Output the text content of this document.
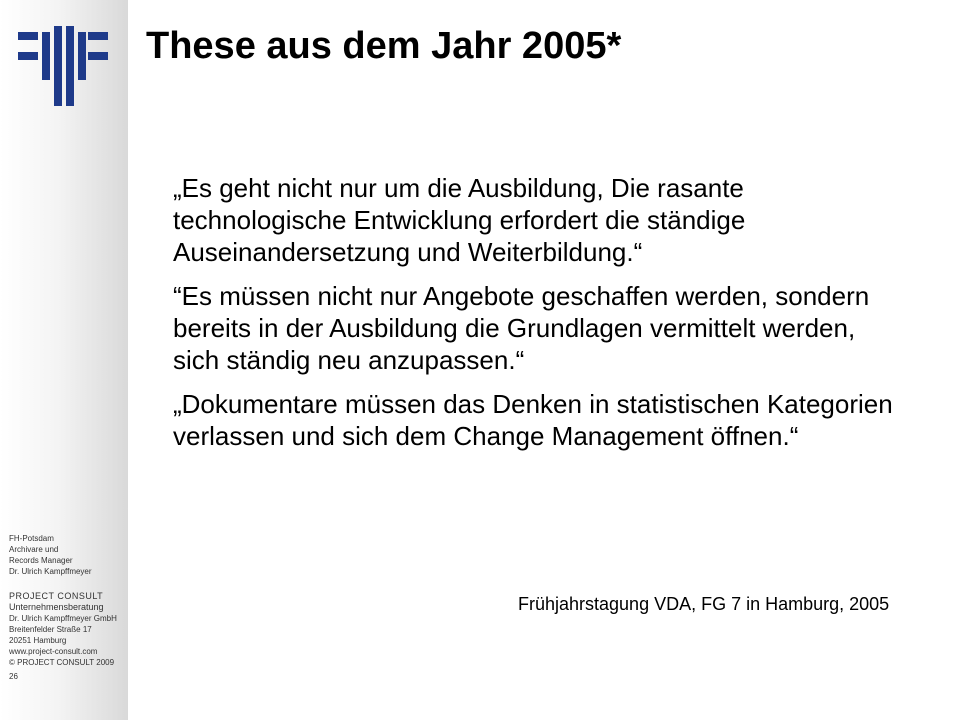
FH-Potsdam
Archivare und
Records Manager
Dr. Ulrich Kampffmeyer
PROJECT CONSULT
Unternehmensberatung
Dr. Ulrich Kampffmeyer GmbH
Breitenfelder Straße 17
20251 Hamburg
www.project-consult.com
© PROJECT CONSULT 2009
26
These aus dem Jahr 2005*

„Es geht nicht nur um die Ausbildung, Die rasante technologische Entwicklung erfordert die ständige Auseinandersetzung und Weiterbildung.“

“Es müssen nicht nur Angebote geschaffen werden, sondern bereits in der Ausbildung die Grundlagen vermittelt werden, sich ständig neu anzupassen.“

„Dokumentare müssen das Denken in statistischen Kategorien verlassen und sich dem Change Management öffnen.“

Frühjahrstagung VDA, FG 7 in Hamburg, 2005
